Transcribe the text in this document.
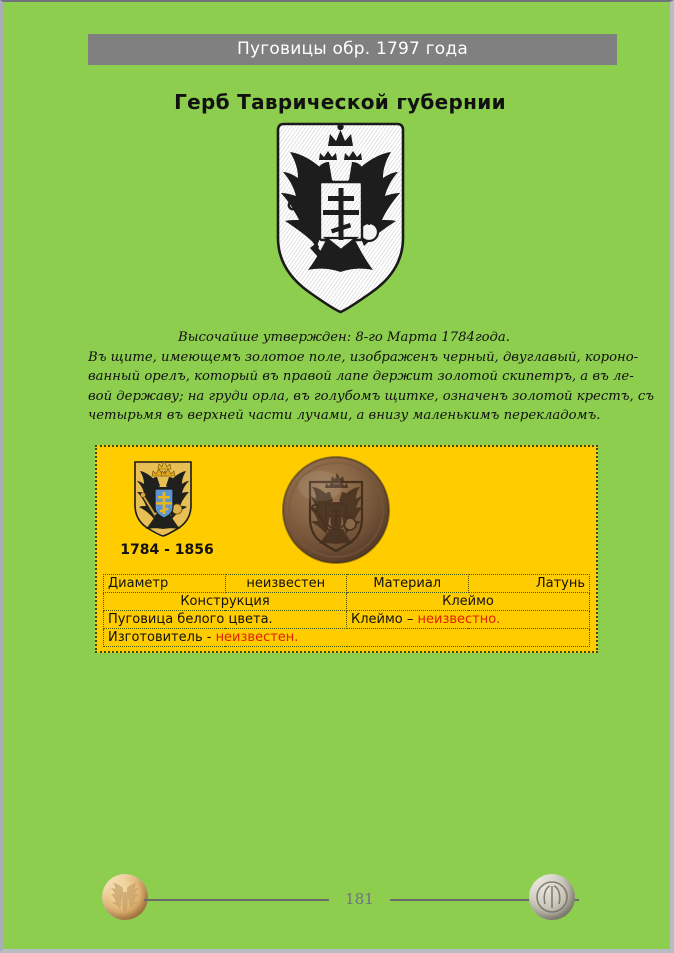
Пуговицы обр. 1797 года
Герб Таврической губернии
Высочайше утвержден: 8-го Марта 1784года.
Въ щите, имеющемъ золотое поле, изображенъ черный, двуглавый, короно-
ванный орелъ, который въ правой лапе держит золотой скипетръ, а въ ле-
вой державу; на груди орла, въ голубомъ щитке, означенъ золотой крестъ, съ
четырьмя въ верхней части лучами, а внизу маленькимъ перекладомъ.
1784 - 1856
Диаметр	неизвестен	Материал	Латунь
Конструкция		Клеймо	
Пуговица белого цвета.		Клеймо – неизвестно.	
Изготовитель - неизвестен.			
181
